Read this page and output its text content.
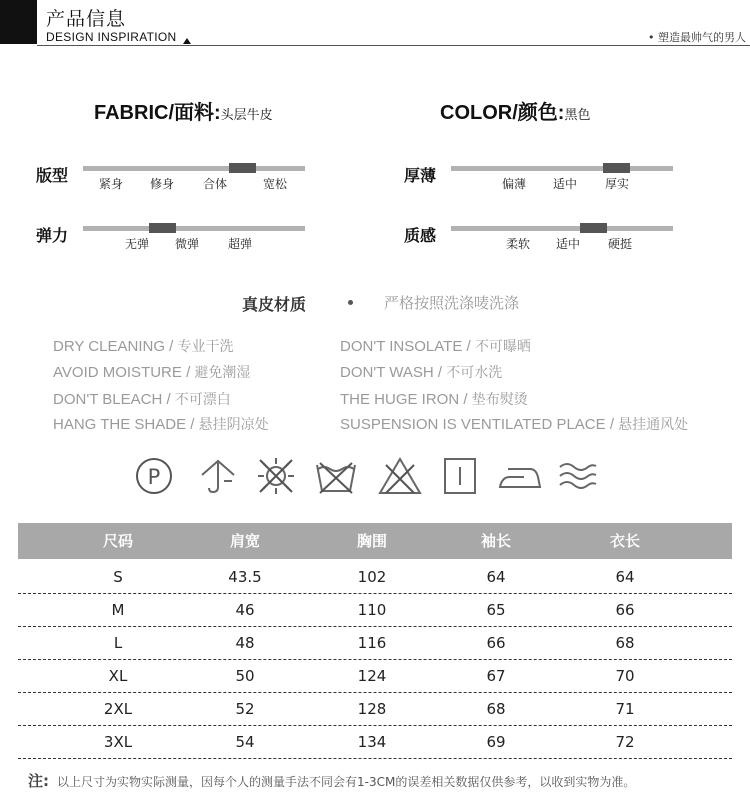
产品信息
DESIGN INSPIRATION	• 塑造最帅气的男人
FABRIC/面料:头层牛皮	COLOR/颜色:黑色
版型	紧身 修身 合体	宽松
弹力	无弹 微弹 超弹
厚薄	偏薄 适中 厚实
质感	柔软 适中 硬挺
真皮材质	严格按照洗涤唛洗涤
DRY CLEANING / 专业干洗
AVOID MOISTURE / 避免潮湿
DON'T BLEACH / 不可漂白
HANG THE SHADE / 悬挂阴凉处
DON'T INSOLATE / 不可曝晒
DON'T WASH / 不可水洗
THE HUGE IRON / 垫布熨烫
SUSPENSION IS VENTILATED PLACE / 悬挂通风处
P
尺码	肩宽	胸围	袖长	衣长
S	43.5	102	64	64
M	46	110	65	66
L	48	116	66	68
XL	50	124	67	70
2XL	52	128	68	71
3XL	54	134	69	72
注: 以上尺寸为实物实际测量，因每个人的测量手法不同会有1-3CM的误差相关数据仅供参考，以收到实物为准。
